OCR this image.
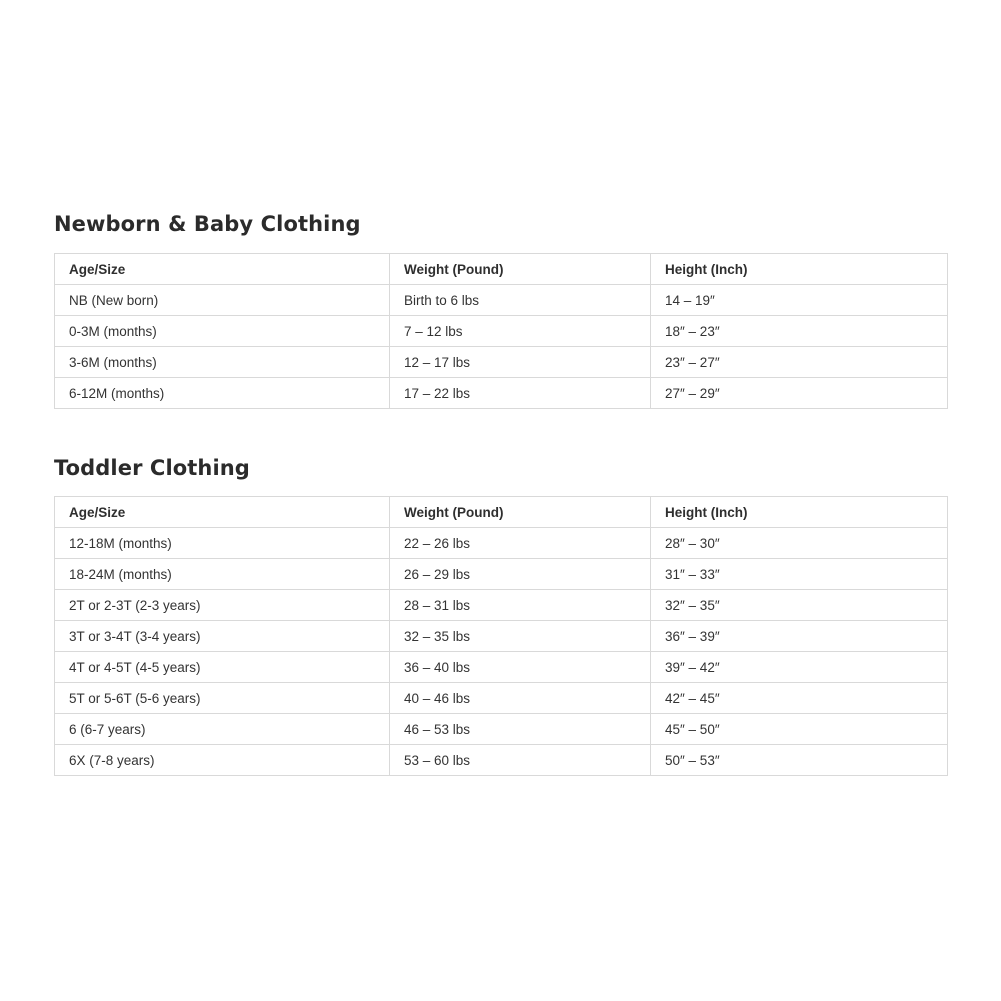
Newborn & Baby Clothing
Age/Size	Weight (Pound)	Height (Inch)
NB (New born)	Birth to 6 lbs	14 – 19″
0-3M (months)	7 – 12 lbs	18″ – 23″
3-6M (months)	12 – 17 lbs	23″ – 27″
6-12M (months)	17 – 22 lbs	27″ – 29″
Toddler Clothing
Age/Size	Weight (Pound)	Height (Inch)
12-18M (months)	22 – 26 lbs	28″ – 30″
18-24M (months)	26 – 29 lbs	31″ – 33″
2T or 2-3T (2-3 years)	28 – 31 lbs	32″ – 35″
3T or 3-4T (3-4 years)	32 – 35 lbs	36″ – 39″
4T or 4-5T (4-5 years)	36 – 40 lbs	39″ – 42″
5T or 5-6T (5-6 years)	40 – 46 lbs	42″ – 45″
6 (6-7 years)	46 – 53 lbs	45″ – 50″
6X (7-8 years)	53 – 60 lbs	50″ – 53″
